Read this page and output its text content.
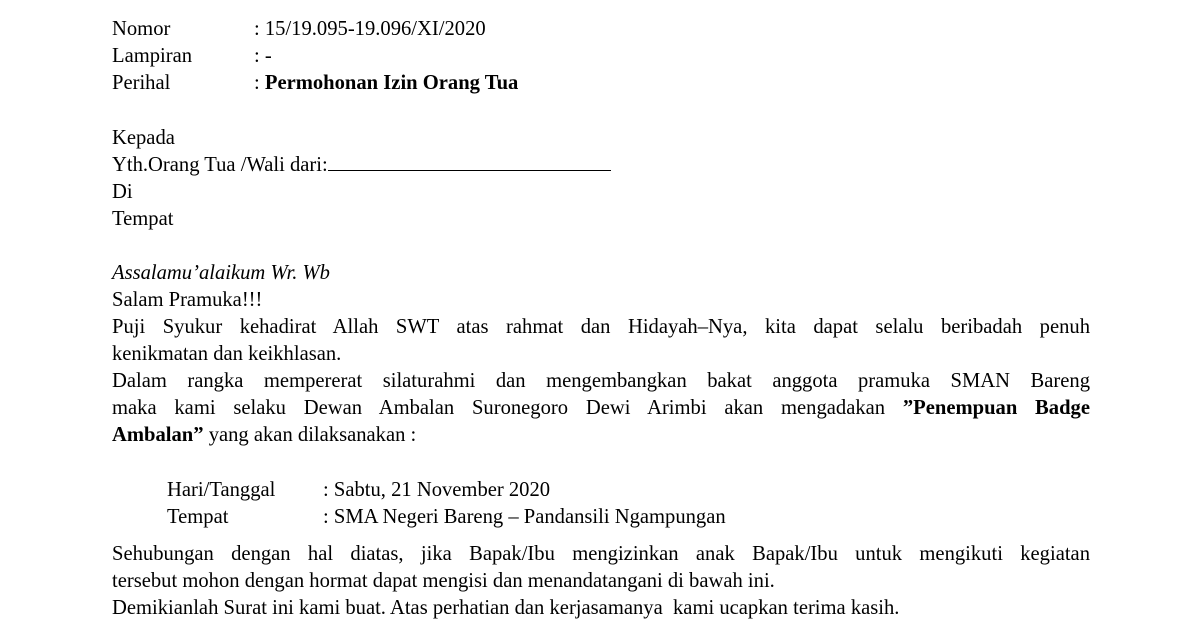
Nomor	: 15/19.095-19.096/XI/2020
Lampiran	: -
Perihal	: Permohonan Izin Orang Tua
Kepada
Yth.Orang Tua /Wali dari:
Di
Tempat
Assalamu’alaikum Wr. Wb
Salam Pramuka!!!
Puji Syukur kehadirat Allah SWT atas rahmat dan Hidayah–Nya, kita dapat selalu beribadah penuh
kenikmatan dan keikhlasan.
Dalam rangka mempererat silaturahmi dan mengembangkan bakat anggota pramuka SMAN Bareng
maka kami selaku Dewan Ambalan Suronegoro Dewi Arimbi akan mengadakan ”Penempuan Badge
Ambalan” yang akan dilaksanakan :
Hari/Tanggal : Sabtu, 21 November 2020
Tempat	: SMA Negeri Bareng – Pandansili Ngampungan
Sehubungan dengan hal diatas, jika Bapak/Ibu mengizinkan anak Bapak/Ibu untuk mengikuti kegiatan
tersebut mohon dengan hormat dapat mengisi dan menandatangani di bawah ini.
Demikianlah Surat ini kami buat. Atas perhatian dan kerjasamanya  kami ucapkan terima kasih.
